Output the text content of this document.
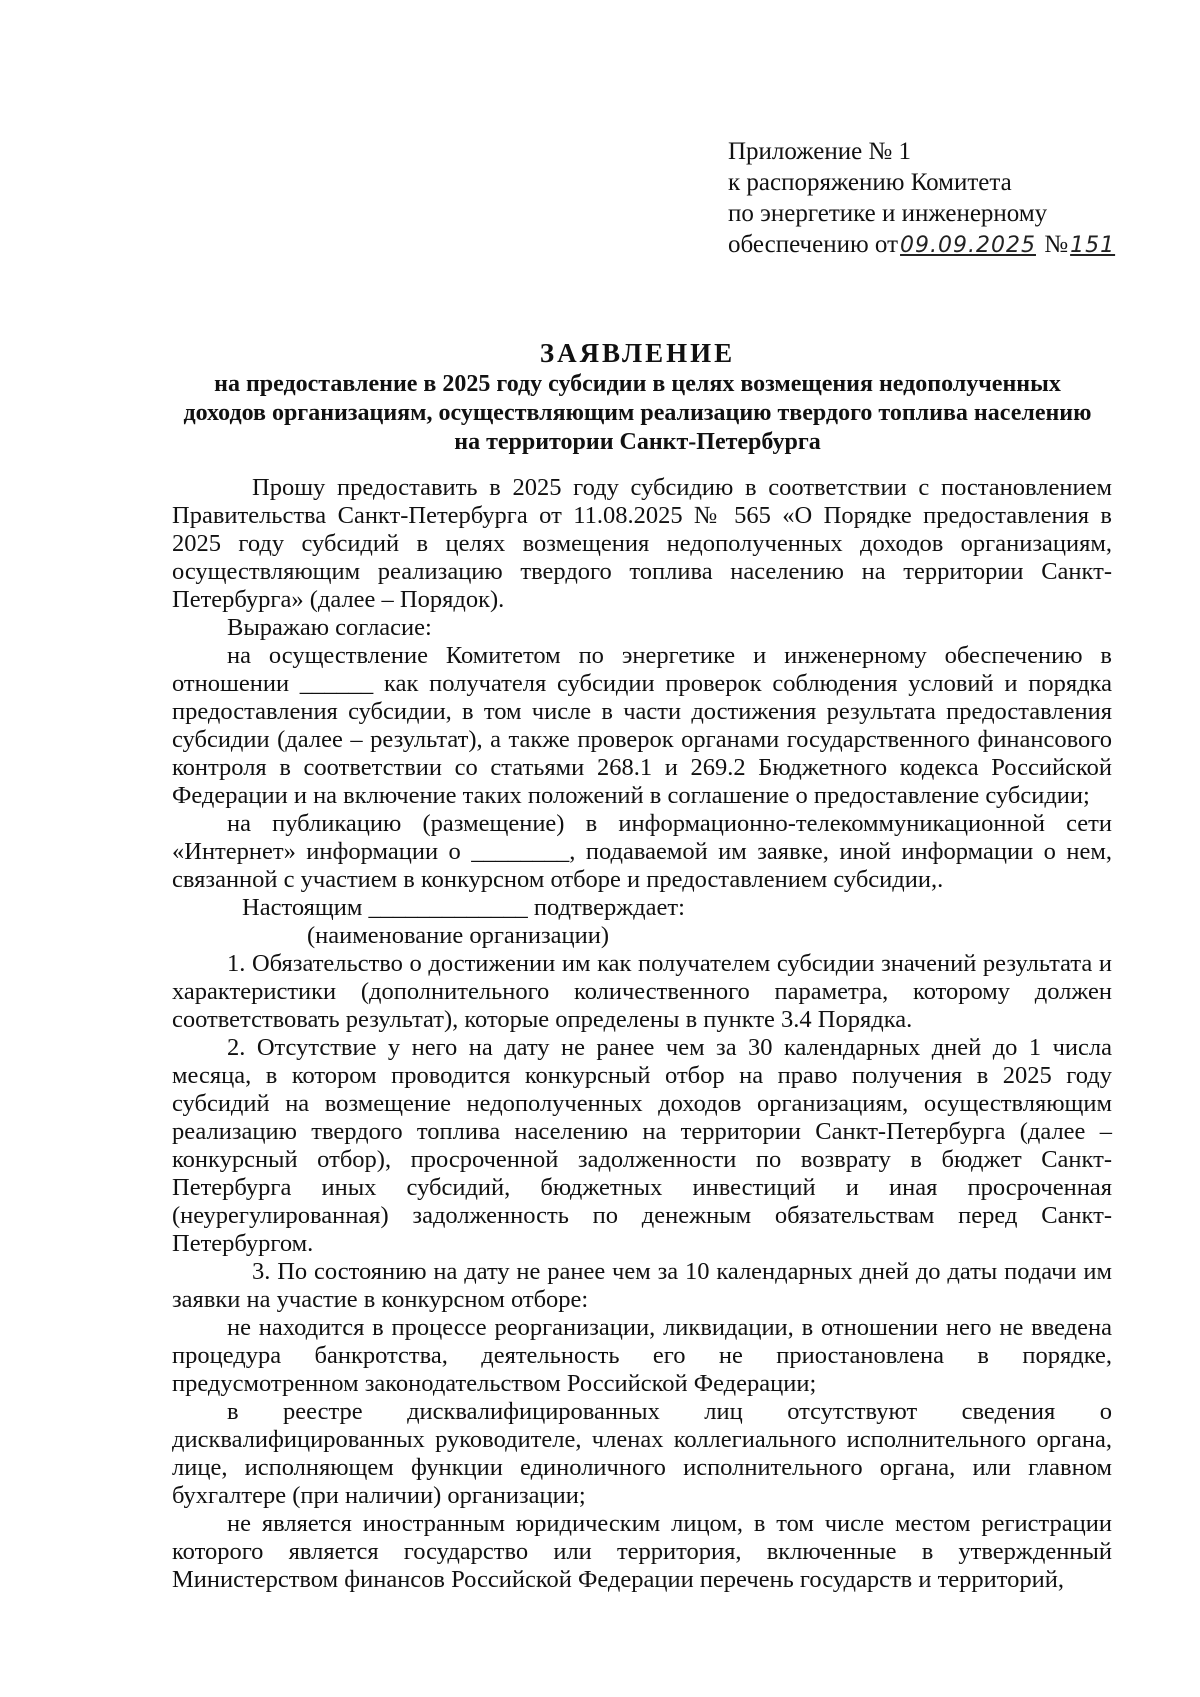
Приложение № 1
к распоряжению Комитета
по энергетике и инженерному
обеспечению от09.09.2025 №151
ЗАЯВЛЕНИЕ
на предоставление в 2025 году субсидии в целях возмещения недополученных
доходов организациям, осуществляющим реализацию твердого топлива населению
на территории Санкт-Петербурга

Прошу предоставить в 2025 году субсидию в соответствии с постановлением Правительства Санкт-Петербурга от 11.08.2025 № 565 «О Порядке предоставления в 2025 году субсидий в целях возмещения недополученных доходов организациям, осуществляющим реализацию твердого топлива населению на территории Санкт-Петербурга» (далее – Порядок).

Выражаю согласие:

на осуществление Комитетом по энергетике и инженерному обеспечению в отношении ______ как получателя субсидии проверок соблюдения условий и порядка предоставления субсидии, в том числе в части достижения результата предоставления субсидии (далее – результат), а также проверок органами государственного финансового контроля в соответствии со статьями 268.1 и 269.2 Бюджетного кодекса Российской Федерации и на включение таких положений в соглашение о предоставление субсидии;

на публикацию (размещение) в информационно-телекоммуникационной сети «Интернет» информации о ________, подаваемой им заявке, иной информации о нем, связанной с участием в конкурсном отборе и предоставлением субсидии,.

Настоящим _____________ подтверждает:

(наименование организации)

1. Обязательство о достижении им как получателем субсидии значений результата и характеристики (дополнительного количественного параметра, которому должен соответствовать результат), которые определены в пункте 3.4 Порядка.

2. Отсутствие у него на дату не ранее чем за 30 календарных дней до 1 числа месяца, в котором проводится конкурсный отбор на право получения в 2025 году субсидий на возмещение недополученных доходов организациям, осуществляющим реализацию твердого топлива населению на территории Санкт-Петербурга (далее – конкурсный отбор), просроченной задолженности по возврату в бюджет Санкт-Петербурга иных субсидий, бюджетных инвестиций и иная просроченная (неурегулированная) задолженность по денежным обязательствам перед Санкт-Петербургом.

3. По состоянию на дату не ранее чем за 10 календарных дней до даты подачи им заявки на участие в конкурсном отборе:

не находится в процессе реорганизации, ликвидации, в отношении него не введена процедура банкротства, деятельность его не приостановлена в порядке, предусмотренном законодательством Российской Федерации;

в реестре дисквалифицированных лиц отсутствуют сведения о дисквалифицированных руководителе, членах коллегиального исполнительного органа, лице, исполняющем функции единоличного исполнительного органа, или главном бухгалтере (при наличии) организации;

не является иностранным юридическим лицом, в том числе местом регистрации которого является государство или территория, включенные в утвержденный Министерством финансов Российской Федерации перечень государств и территорий,
